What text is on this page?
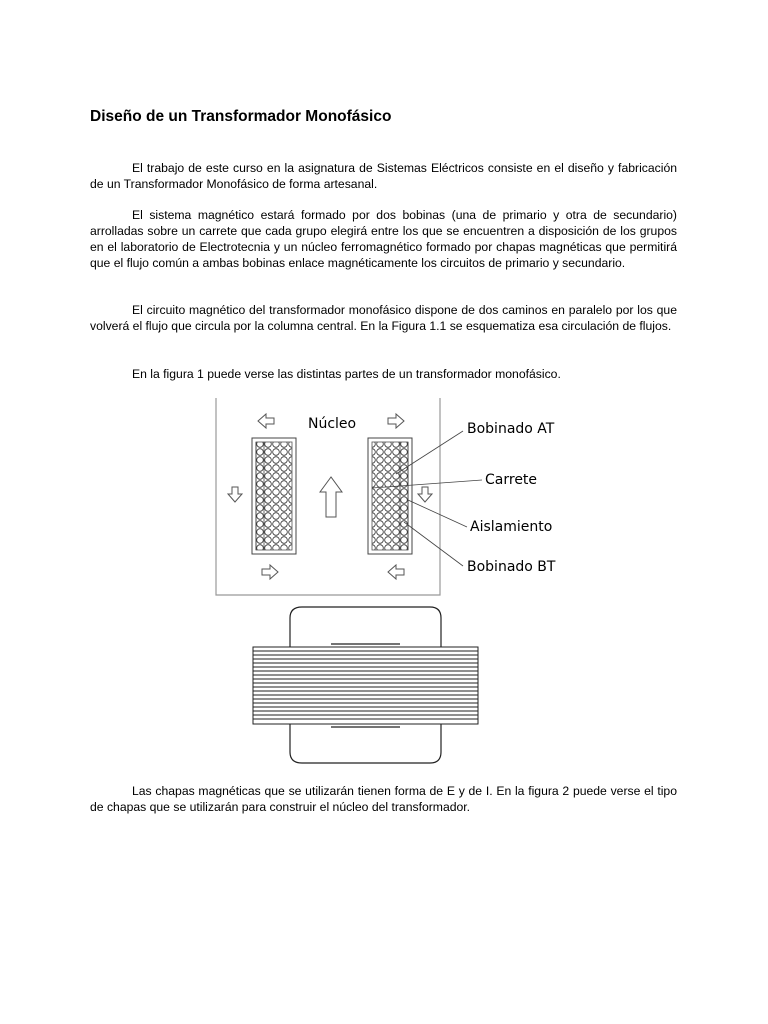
Diseño de un Transformador Monofásico

El trabajo de este curso en la asignatura de Sistemas Eléctricos consiste en el diseño y fabricación de un Transformador Monofásico de forma artesanal.

El sistema magnético estará formado por dos bobinas (una de primario y otra de secundario) arrolladas sobre un carrete que cada grupo elegirá entre los que se encuentren a disposición de los grupos en el laboratorio de Electrotecnia y un núcleo ferromagnético formado por chapas magnéticas que permitirá que el flujo común a ambas bobinas enlace magnéticamente los circuitos de primario y secundario.

El circuito magnético del transformador monofásico dispone de dos caminos en paralelo por los que volverá el flujo que circula por la columna central. En la Figura 1.1 se esquematiza esa circulación de flujos.

En la figura 1 puede verse las distintas partes de un transformador monofásico.

Núcleo	Bobinado AT
Carrete
Aislamiento
Bobinado BT

Las chapas magnéticas que se utilizarán tienen forma de E y de I. En la figura 2 puede verse el tipo de chapas que se utilizarán para construir el núcleo del transformador.
